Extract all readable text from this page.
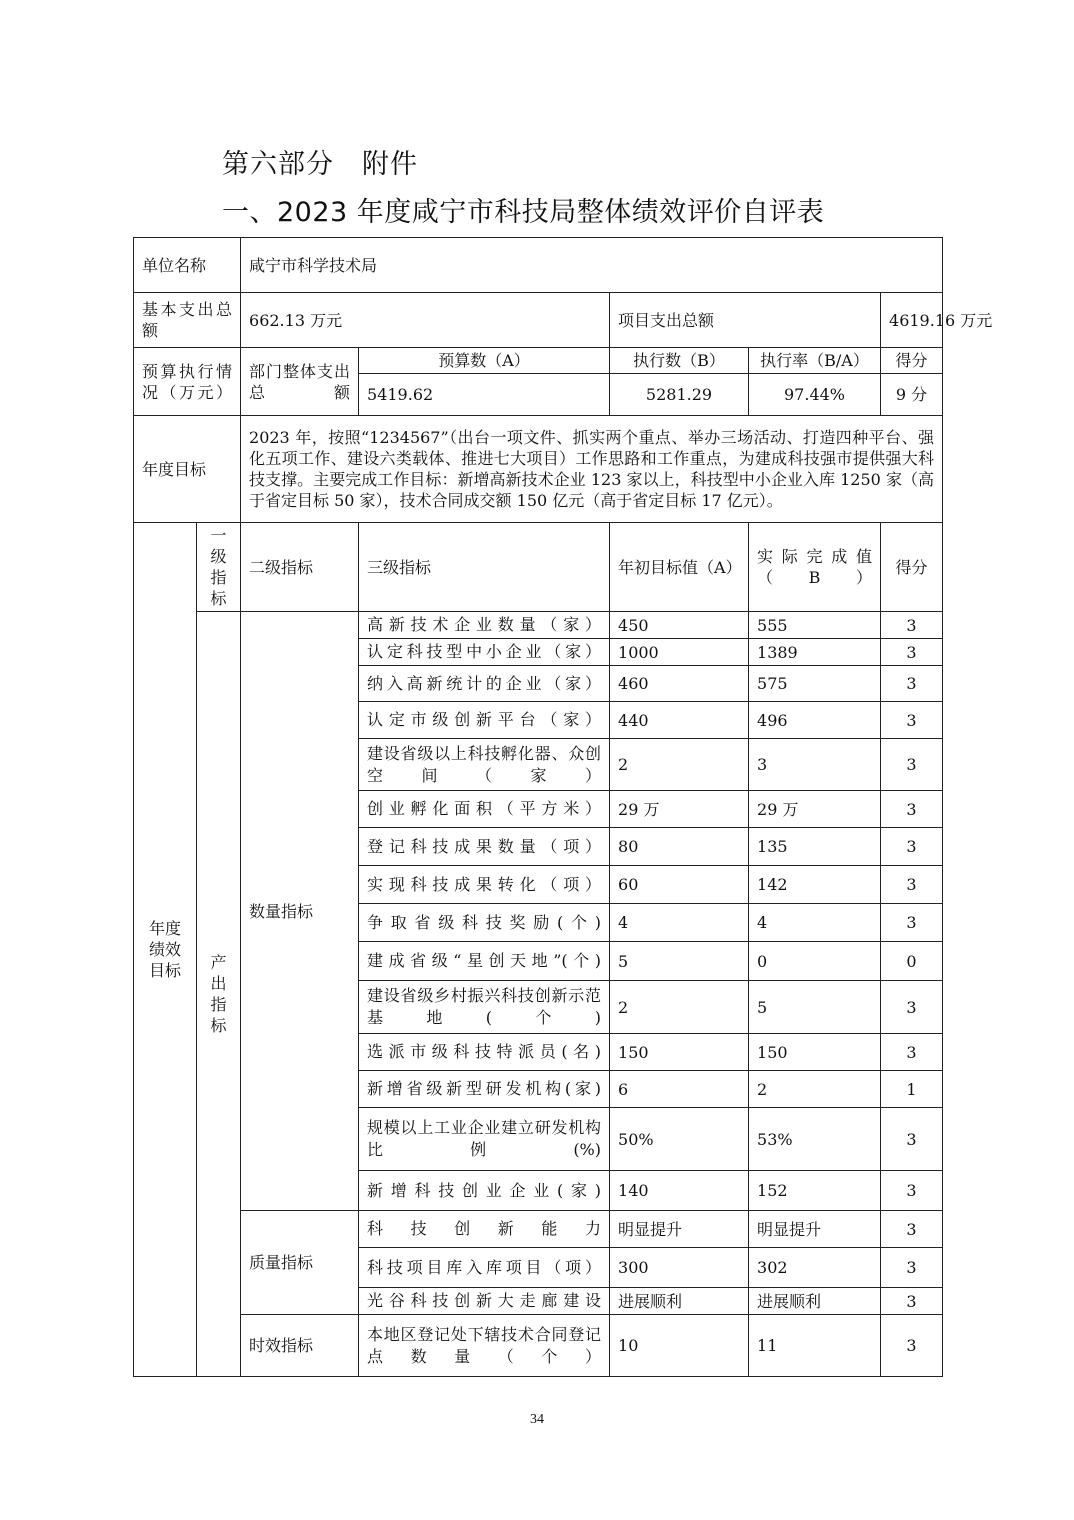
第六部分　附件
一、2023 年度咸宁市科技局整体绩效评价自评表
单位名称		咸宁市科学技术局				
基本支出总额		662.13 万元		项目支出总额		4619.16 万元
预算执行情况（万元）		部门整体支出总额	预算数（A）	执行数（B）	执行率（B/A）	得分
			5419.62	5281.29	97.44%	9 分
年度目标		2023 年，按照“1234567”（出台一项文件、抓实两个重点、举办三场活动、打造四种平台、强化五项工作、建设六类载体、推进七大项目）工作思路和工作重点，为建成科技强市提供强大科技支撑。主要完成工作目标：新增高新技术企业 123 家以上，科技型中小企业入库 1250 家（高于省定目标 50 家），技术合同成交额 150 亿元（高于省定目标 17 亿元）。				
年度绩效目标	一级指标	二级指标	三级指标	年初目标值（A）	实际完成值（B）	得分
	产出指标	数量指标	高新技术企业数量（家）	450	555	3
			认定科技型中小企业（家）	1000	1389	3
			纳入高新统计的企业（家）	460	575	3
			认定市级创新平台（家）	440	496	3
			建设省级以上科技孵化器、众创空间（家）	2	3	3
			创业孵化面积（平方米）	29 万	29 万	3
			登记科技成果数量（项）	80	135	3
			实现科技成果转化（项）	60	142	3
			争取省级科技奖励(个)	4	4	3
			建成省级“星创天地”(个)	5	0	0
			建设省级乡村振兴科技创新示范基地(个)	2	5	3
			选派市级科技特派员(名)	150	150	3
			新增省级新型研发机构(家)	6	2	1
			规模以上工业企业建立研发机构比例(%)	50%	53%	3
			新增科技创业企业(家)	140	152	3
		质量指标	科技创新能力	明显提升	明显提升	3
			科技项目库入库项目（项）	300	302	3
			光谷科技创新大走廊建设	进展顺利	进展顺利	3
		时效指标	本地区登记处下辖技术合同登记点数量（个）	10	11	3
34
